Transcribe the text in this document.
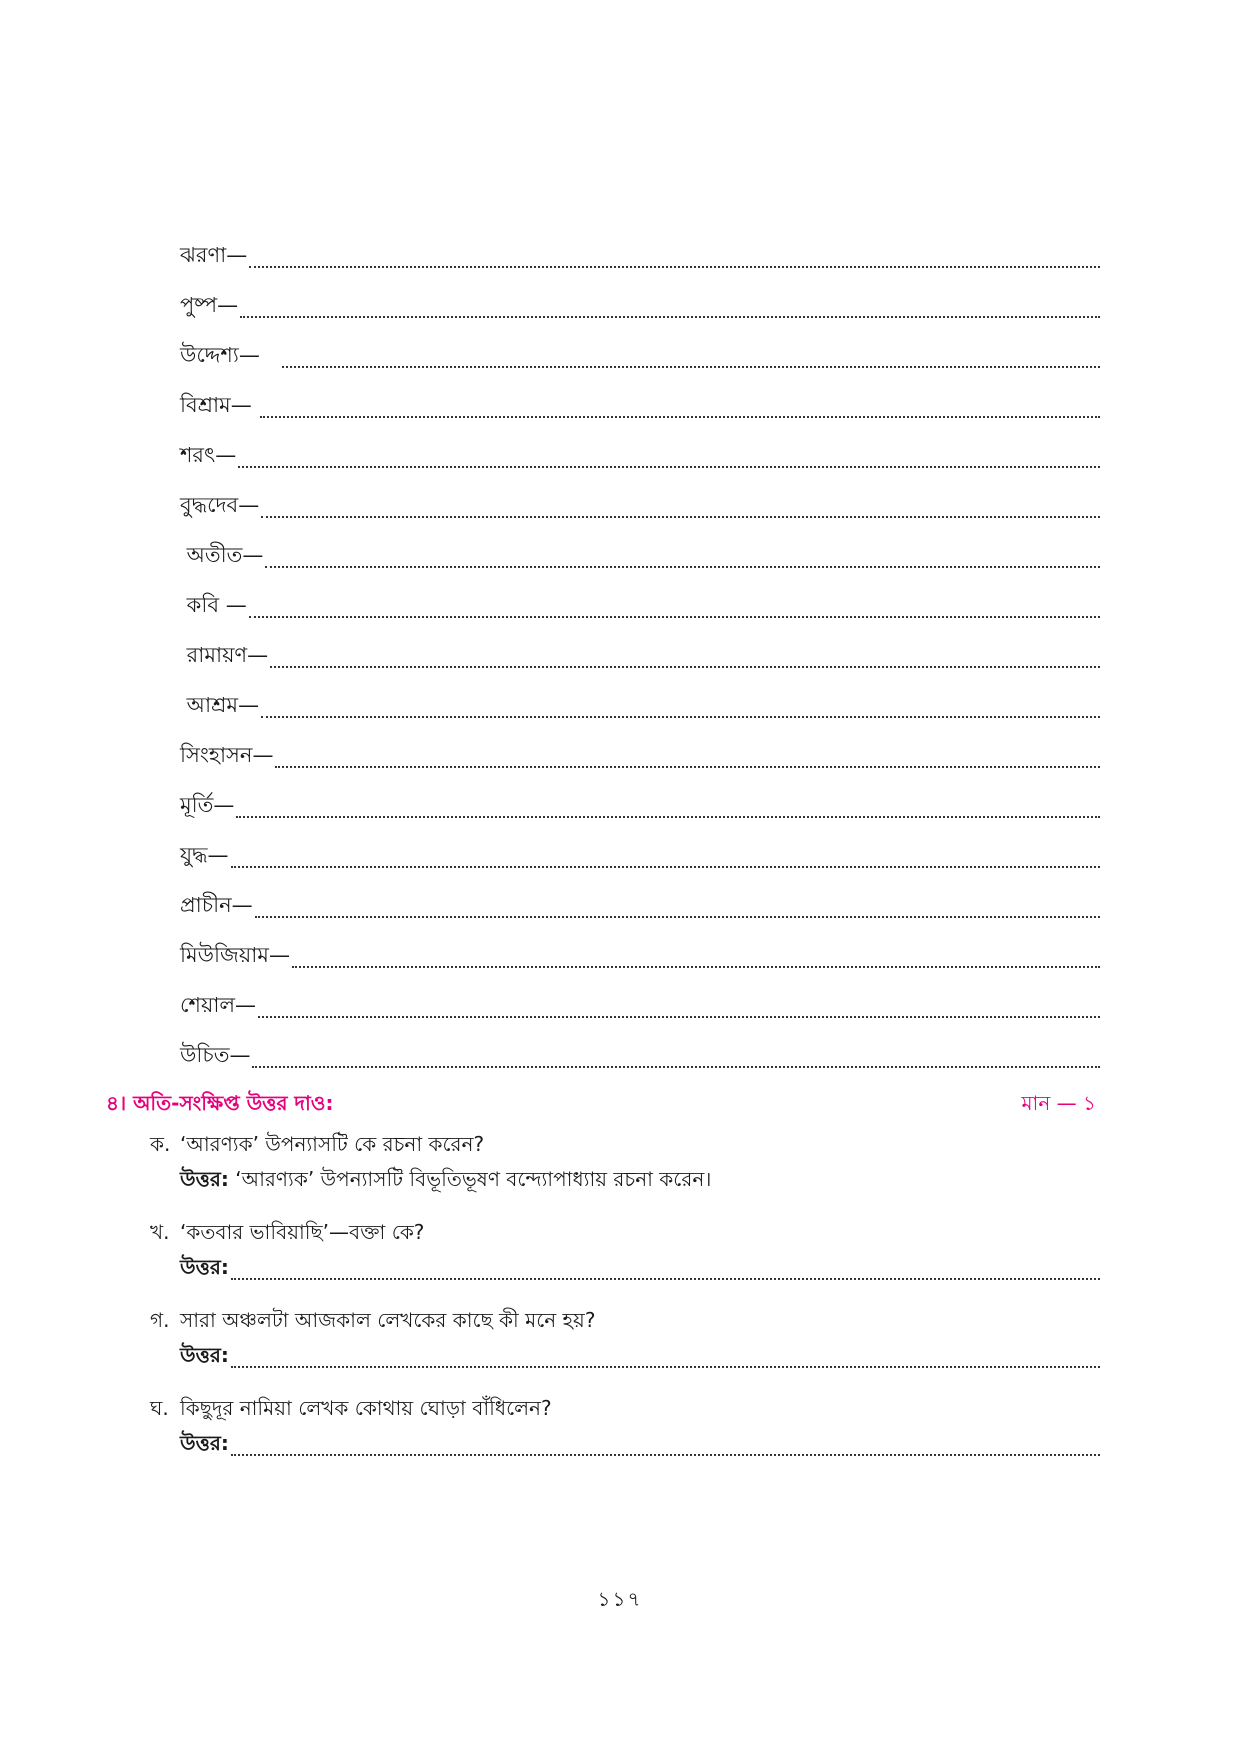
ঝরণা—
পুষ্প—
উদ্দেশ্য—
বিশ্রাম—
শরৎ—
বুদ্ধদেব—
অতীত—
কবি —
রামায়ণ—
আশ্রম—
সিংহাসন—
মূর্তি—
যুদ্ধ—
প্রাচীন—
মিউজিয়াম—
শেয়াল—
উচিত—
৪। অতি-সংক্ষিপ্ত উত্তর দাও:	মান — ১
ক. ‘আরণ্যক’ উপন্যাসটি কে রচনা করেন?
উত্তর: ‘আরণ্যক’ উপন্যাসটি বিভূতিভূষণ বন্দ্যোপাধ্যায় রচনা করেন।
খ. ‘কতবার ভাবিয়াছি’—বক্তা কে?
উত্তর:
গ. সারা অঞ্চলটা আজকাল লেখকের কাছে কী মনে হয়?
উত্তর:
ঘ. কিছুদূর নামিয়া লেখক কোথায় ঘোড়া বাঁধিলেন?
উত্তর:
১১৭
